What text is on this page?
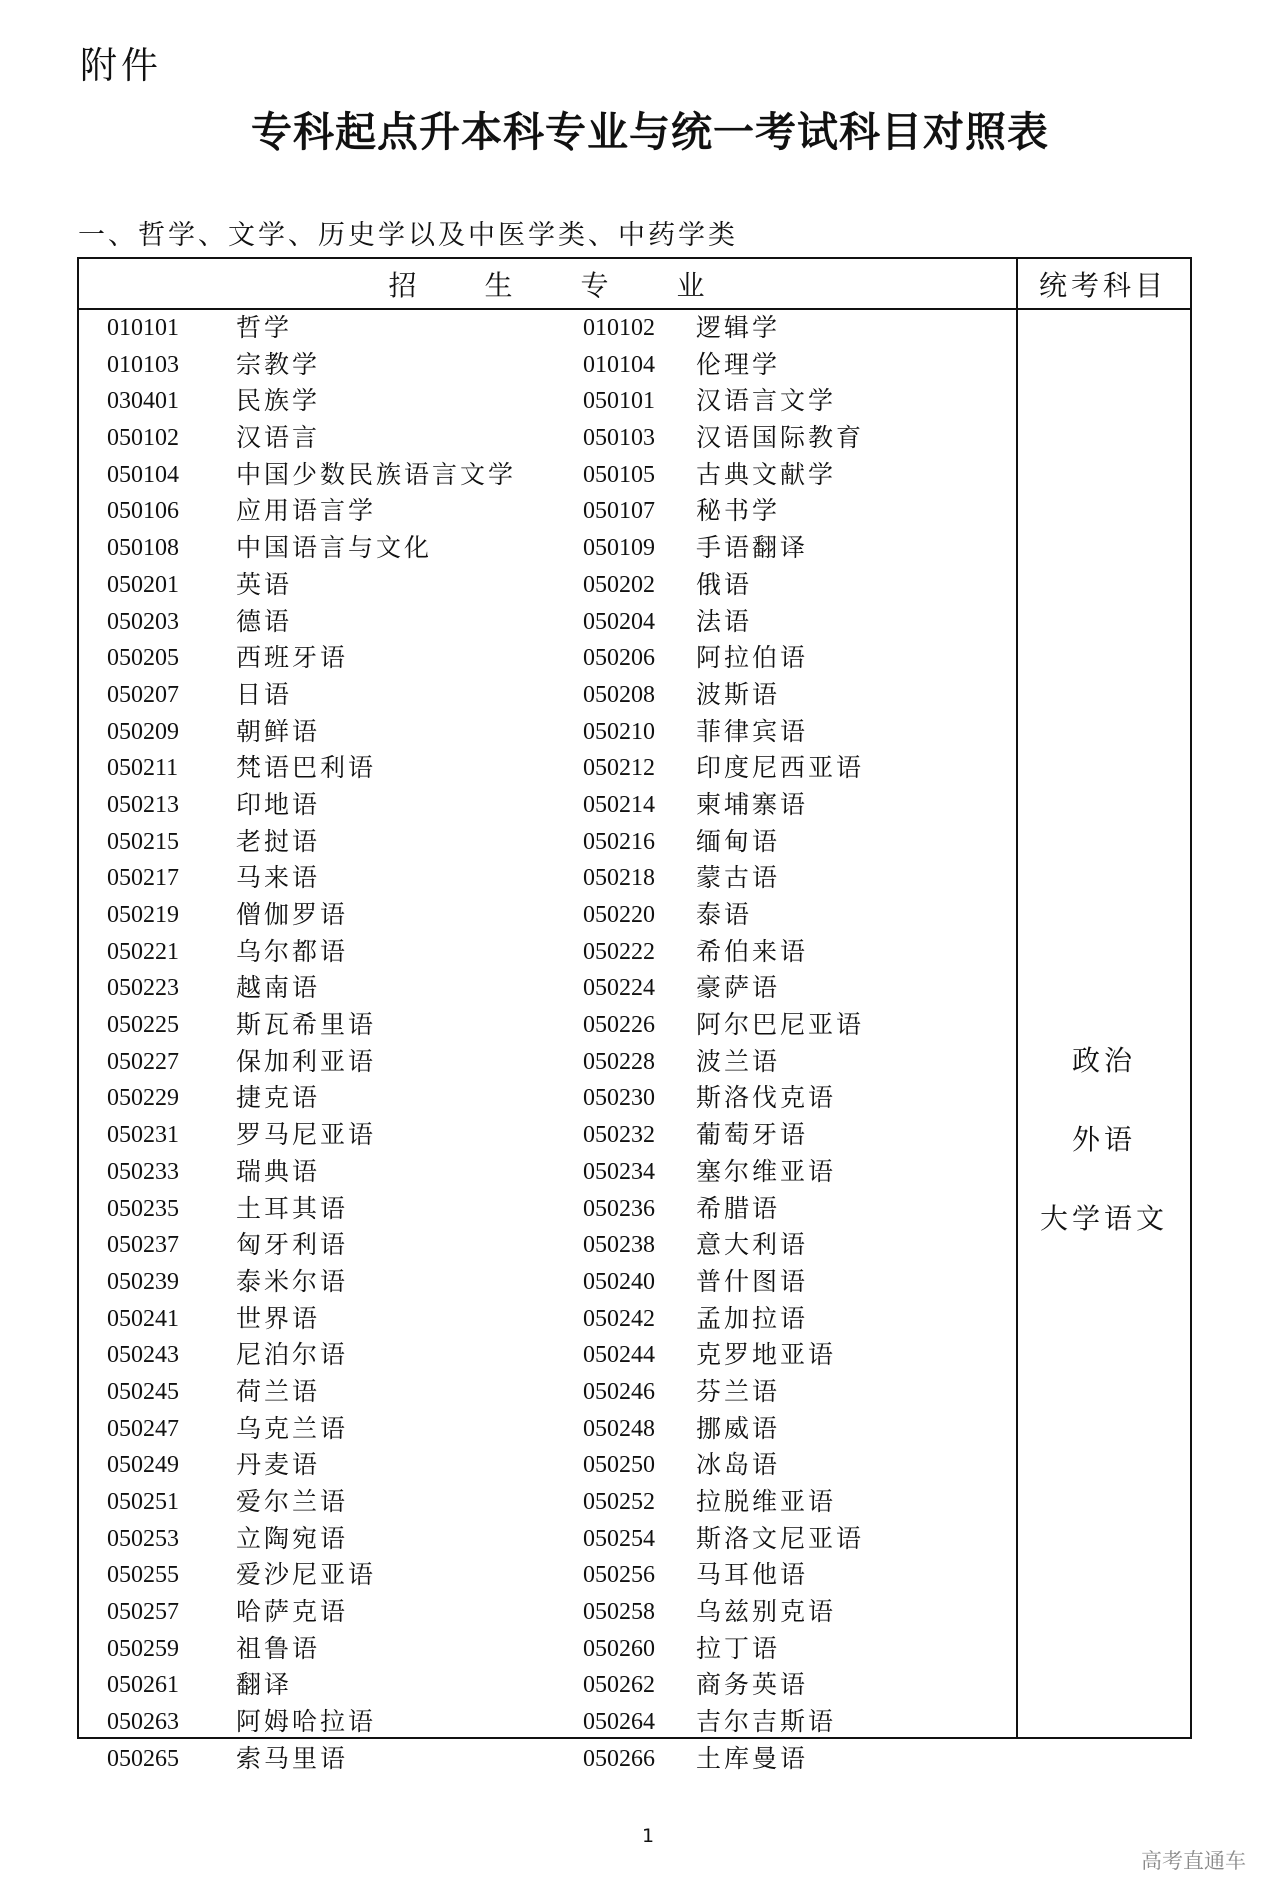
附件
专科起点升本科专业与统一考试科目对照表
一、哲学、文学、历史学以及中医学类、中药学类
招	生	专	业	统考科目
010101 哲学	010102 逻辑学
010103 宗教学	010104 伦理学
030401 民族学	050101 汉语言文学
050102 汉语言	050103 汉语国际教育
050104 中国少数民族语言文学	050105 古典文献学
050106 应用语言学	050107 秘书学
050108 中国语言与文化	050109 手语翻译
050201 英语	050202 俄语
050203 德语	050204 法语
050205 西班牙语	050206 阿拉伯语
050207 日语	050208 波斯语
050209 朝鲜语	050210 菲律宾语
050211 梵语巴利语	050212 印度尼西亚语
050213 印地语	050214 柬埔寨语
050215 老挝语	050216 缅甸语
050217 马来语	050218 蒙古语
050219 僧伽罗语	050220 泰语
050221 乌尔都语	050222 希伯来语
050223 越南语	050224 豪萨语
050225 斯瓦希里语	050226 阿尔巴尼亚语
050227 保加利亚语	050228 波兰语
050229 捷克语	050230 斯洛伐克语
050231 罗马尼亚语	050232 葡萄牙语
050233 瑞典语	050234 塞尔维亚语
050235 土耳其语	050236 希腊语
050237 匈牙利语	050238 意大利语
050239 泰米尔语	050240 普什图语
050241 世界语	050242 孟加拉语
050243 尼泊尔语	050244 克罗地亚语
050245 荷兰语	050246 芬兰语
050247 乌克兰语	050248 挪威语
050249 丹麦语	050250 冰岛语
050251 爱尔兰语	050252 拉脱维亚语
050253 立陶宛语	050254 斯洛文尼亚语
050255 爱沙尼亚语	050256 马耳他语
050257 哈萨克语	050258 乌兹别克语
050259 祖鲁语	050260 拉丁语
050261 翻译	050262 商务英语
050263 阿姆哈拉语	050264 吉尔吉斯语
050265 索马里语	050266 土库曼语
政治
外语
大学语文
1
高考直通车
